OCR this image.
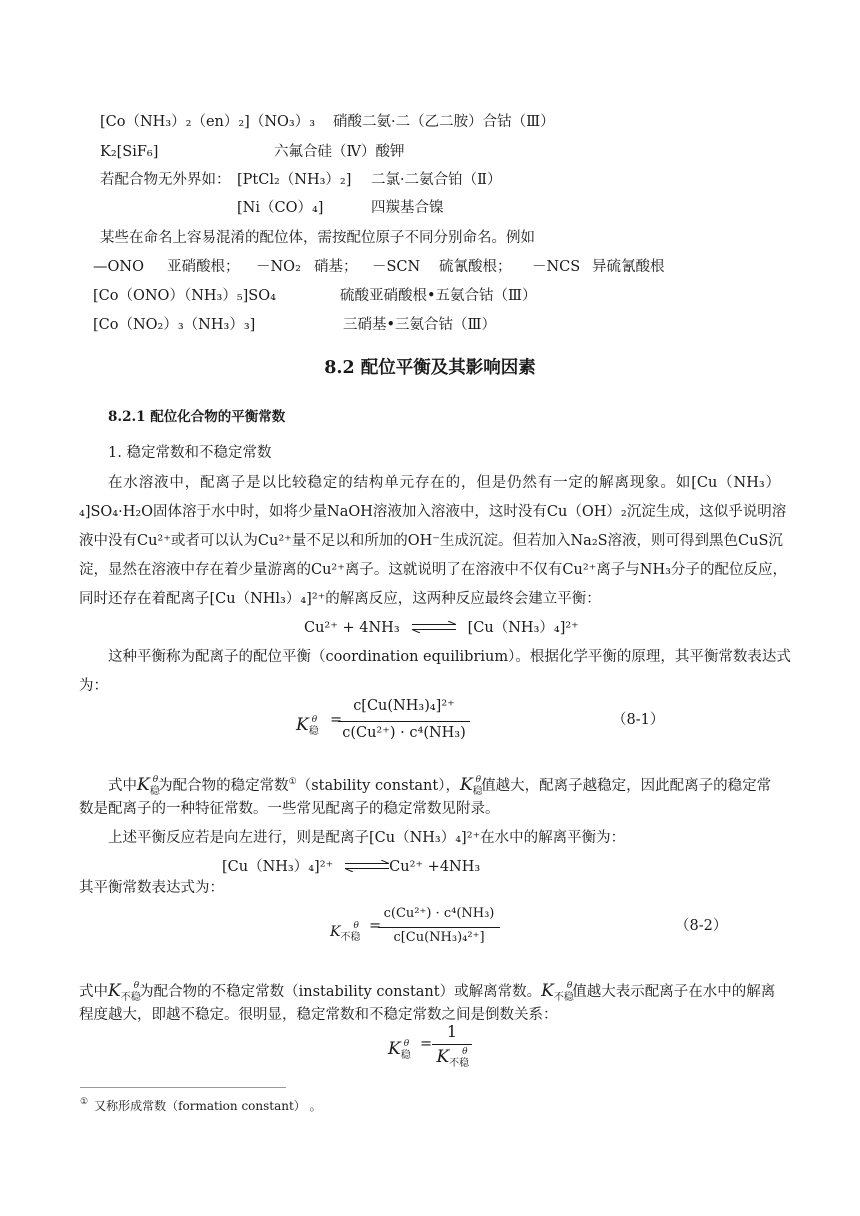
[Co（NH₃）₂（en）₂]（NO₃）₃ 硝酸二氨·二（乙二胺）合钴（Ⅲ）
K₂[SiF₆]	六氟合硅（Ⅳ）酸钾
若配合物无外界如： [PtCl₂（NH₃）₂] 二氯·二氨合铂（Ⅱ）
[Ni（CO）₄]	四羰基合镍
某些在命名上容易混淆的配位体，需按配位原子不同分别命名。例如
—ONO 亚硝酸根； －NO₂ 硝基； －SCN 硫氰酸根； －NCS 异硫氰酸根
[Co（ONO）（NH₃）₅]SO₄	硫酸亚硝酸根•五氨合钴（Ⅲ）
[Co（NO₂）₃（NH₃）₃]	三硝基•三氨合钴（Ⅲ）
8.2 配位平衡及其影响因素
8.2.1 配位化合物的平衡常数
1. 稳定常数和不稳定常数
在水溶液中，配离子是以比较稳定的结构单元存在的，但是仍然有一定的解离现象。如[Cu（NH₃）
₄]SO₄·H₂O固体溶于水中时，如将少量NaOH溶液加入溶液中，这时没有Cu（OH）₂沉淀生成，这似乎说明溶
液中没有Cu²⁺或者可以认为Cu²⁺量不足以和所加的OH⁻生成沉淀。但若加入Na₂S溶液，则可得到黑色CuS沉
淀，显然在溶液中存在着少量游离的Cu²⁺离子。这就说明了在溶液中不仅有Cu²⁺离子与NH₃分子的配位反应，
同时还存在着配离子[Cu（NHl₃）₄]²⁺的解离反应，这两种反应最终会建立平衡：
Cu²⁺ + 4NH₃ ⇌ [Cu（NH₃）₄]²⁺
这种平衡称为配离子的配位平衡（coordination equilibrium）。根据化学平衡的原理，其平衡常数表达式
为：
$K_稳^\theta$ =
c[Cu(NH₃)₄]²⁺
c(Cu²⁺) · c⁴(NH₃)
（8-1）
式中$K_稳^\theta$为配合物的稳定常数①（stability constant），$K_稳^\theta$值越大，配离子越稳定，因此配离子的稳定常
数是配离子的一种特征常数。一些常见配离子的稳定常数见附录。
上述平衡反应若是向左进行，则是配离子[Cu（NH₃）₄]²⁺在水中的解离平衡为：
[Cu（NH₃）₄]²⁺ ⇌Cu²⁺ +4NH₃
其平衡常数表达式为：
$K_{不稳}^\theta$ =
c(Cu²⁺) · c⁴(NH₃)
c[Cu(NH₃)₄²⁺]
（8-2）
式中$K_{不稳}^\theta$为配合物的不稳定常数（instability constant）或解离常数。$K_{不稳}^\theta$值越大表示配离子在水中的解离
程度越大，即越不稳定。很明显，稳定常数和不稳定常数之间是倒数关系：
$K_稳^\theta$ =
1
$K_{不稳}^\theta$
① 又称形成常数（formation constant） 。
